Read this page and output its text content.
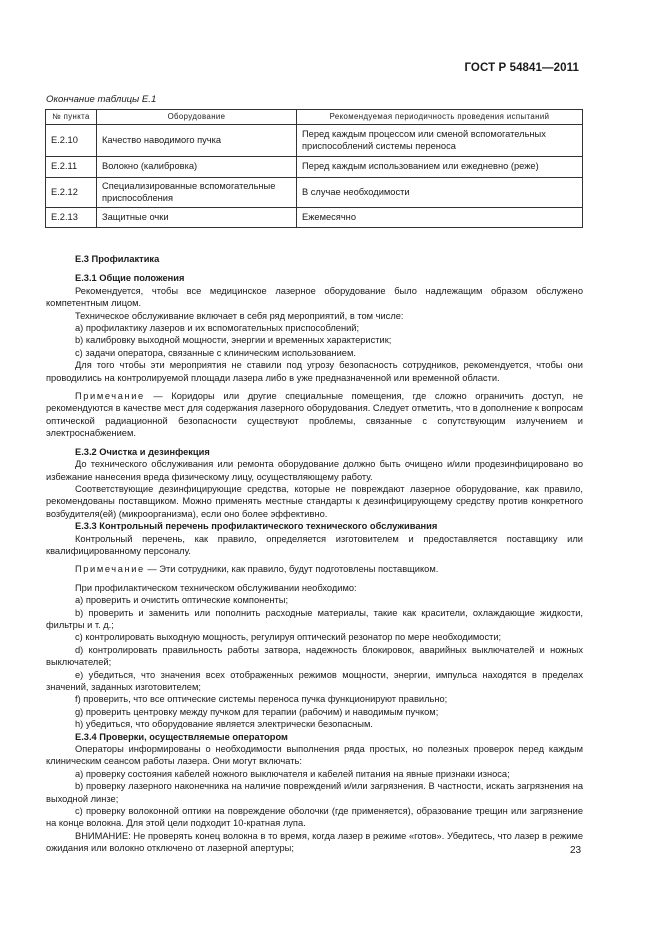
ГОСТ Р 54841—2011
Окончание таблицы Е.1
№ пункта	Оборудование	Рекомендуемая периодичность проведения испытаний
Е.2.10	Качество наводимого пучка	Перед каждым процессом или сменой вспомогательных приспособлений системы переноса
Е.2.11	Волокно (калибровка)	Перед каждым использованием или ежедневно (реже)
Е.2.12	Специализированные вспомогательные приспособления	В случае необходимости
Е.2.13	Защитные очки	Ежемесячно

Е.3 Профилактика

Е.3.1 Общие положения

Рекомендуется, чтобы все медицинское лазерное оборудование было надлежащим образом обслужено компетентным лицом.

Техническое обслуживание включает в себя ряд мероприятий, в том числе:

а) профилактику лазеров и их вспомогательных приспособлений;

b) калибровку выходной мощности, энергии и временных характеристик;

с) задачи оператора, связанные с клиническим использованием.

Для того чтобы эти мероприятия не ставили под угрозу безопасность сотрудников, рекомендуется, чтобы они проводились на контролируемой площади лазера либо в уже предназначенной или временной области.

Примечание — Коридоры или другие специальные помещения, где сложно ограничить доступ, не рекомендуются в качестве мест для содержания лазерного оборудования. Следует отметить, что в дополнение к вопросам оптической радиационной безопасности существуют проблемы, связанные с сопутствующим излучением и электроснабжением.

Е.3.2 Очистка и дезинфекция

До технического обслуживания или ремонта оборудование должно быть очищено и/или продезинфицировано во избежание нанесения вреда физическому лицу, осуществляющему работу.

Соответствующие дезинфицирующие средства, которые не повреждают лазерное оборудование, как правило, рекомендованы поставщиком. Можно применять местные стандарты к дезинфицирующему средству против конкретного возбудителя(ей) (микроорганизма), если оно более эффективно.

Е.3.3 Контрольный перечень профилактического технического обслуживания

Контрольный перечень, как правило, определяется изготовителем и предоставляется поставщику или квалифицированному персоналу.

Примечание — Эти сотрудники, как правило, будут подготовлены поставщиком.

При профилактическом техническом обслуживании необходимо:

а) проверить и очистить оптические компоненты;

b) проверить и заменить или пополнить расходные материалы, такие как красители, охлаждающие жидкости, фильтры и т. д.;

с) контролировать выходную мощность, регулируя оптический резонатор по мере необходимости;

d) контролировать правильность работы затвора, надежность блокировок, аварийных выключателей и ножных выключателей;

е) убедиться, что значения всех отображенных режимов мощности, энергии, импульса находятся в пределах значений, заданных изготовителем;

f) проверить, что все оптические системы переноса пучка функционируют правильно;

g) проверить центровку между пучком для терапии (рабочим) и наводимым пучком;

h) убедиться, что оборудование является электрически безопасным.

Е.3.4 Проверки, осуществляемые оператором

Операторы информированы о необходимости выполнения ряда простых, но полезных проверок перед каждым клиническим сеансом работы лазера. Они могут включать:

а) проверку состояния кабелей ножного выключателя и кабелей питания на явные признаки износа;

b) проверку лазерного наконечника на наличие повреждений и/или загрязнения. В частности, искать загрязнения на выходной линзе;

с) проверку волоконной оптики на повреждение оболочки (где применяется), образование трещин или загрязнение на конце волокна. Для этой цели подходит 10-кратная лупа.

ВНИМАНИЕ: Не проверять конец волокна в то время, когда лазер в режиме «готов». Убедитесь, что лазер в режиме ожидания или волокно отключено от лазерной апертуры;	23
